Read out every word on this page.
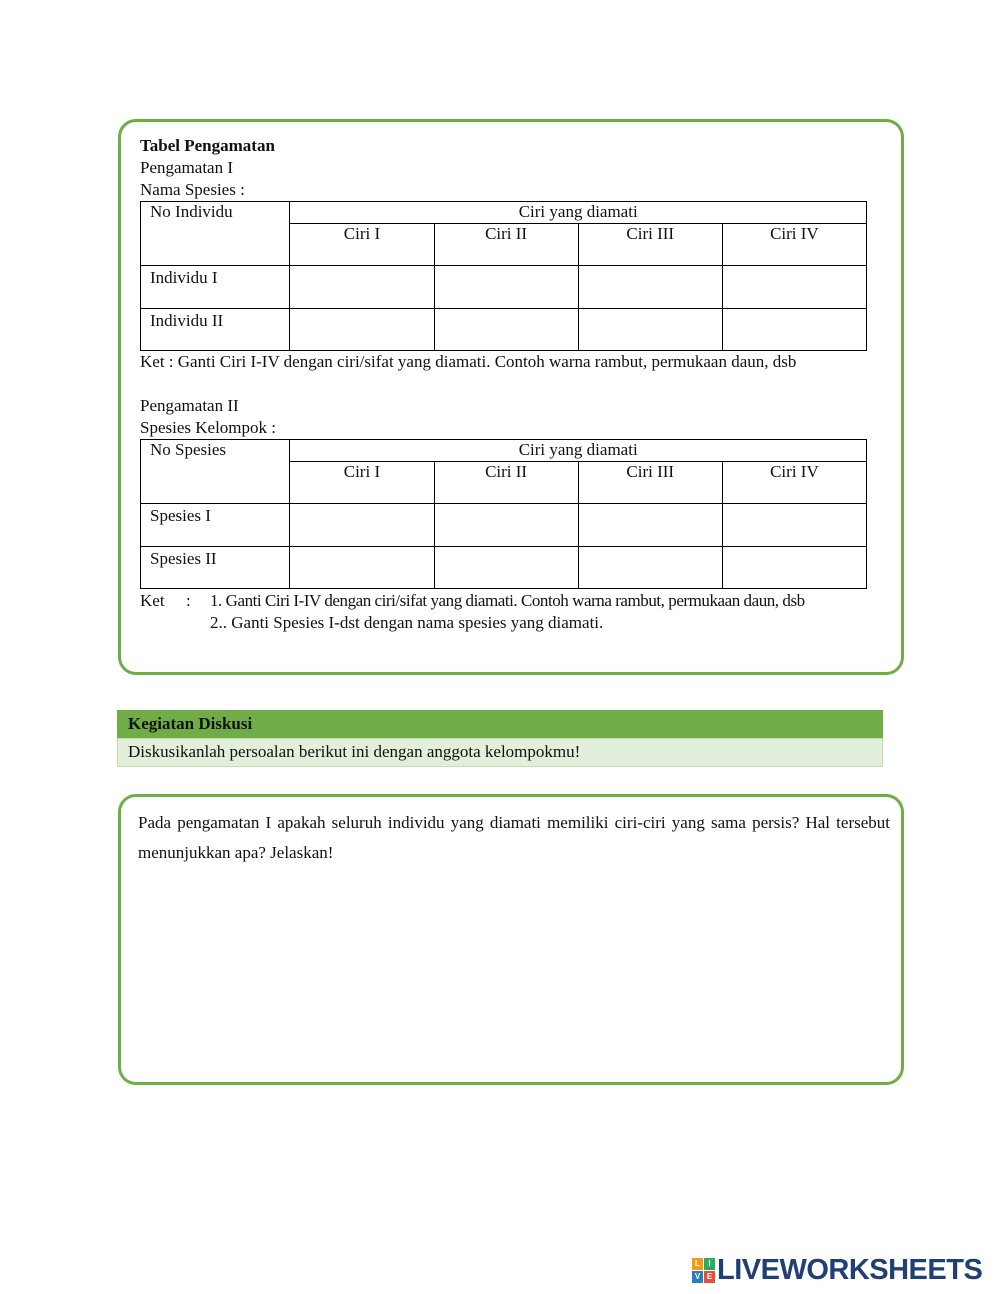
Tabel Pengamatan
Pengamatan I
Nama Spesies :
No Individu	Ciri yang diamati			
	Ciri I	Ciri II	Ciri III	Ciri IV
Individu I				
Individu II				
Ket : Ganti Ciri I-IV dengan ciri/sifat yang diamati. Contoh warna rambut, permukaan daun, dsb
Pengamatan II
Spesies Kelompok :
No Spesies	Ciri yang diamati			
	Ciri I	Ciri II	Ciri III	Ciri IV
Spesies I				
Spesies II				
Ket : 1. Ganti Ciri I-IV dengan ciri/sifat yang diamati. Contoh warna rambut, permukaan daun, dsb
2.. Ganti Spesies I-dst dengan nama spesies yang diamati.
Kegiatan Diskusi
Diskusikanlah persoalan berikut ini dengan anggota kelompokmu!
Pada pengamatan I apakah seluruh individu yang diamati memiliki ciri-ciri yang sama persis? Hal tersebut menunjukkan apa? Jelaskan!
L	I
V E LIVEWORKSHEETS
